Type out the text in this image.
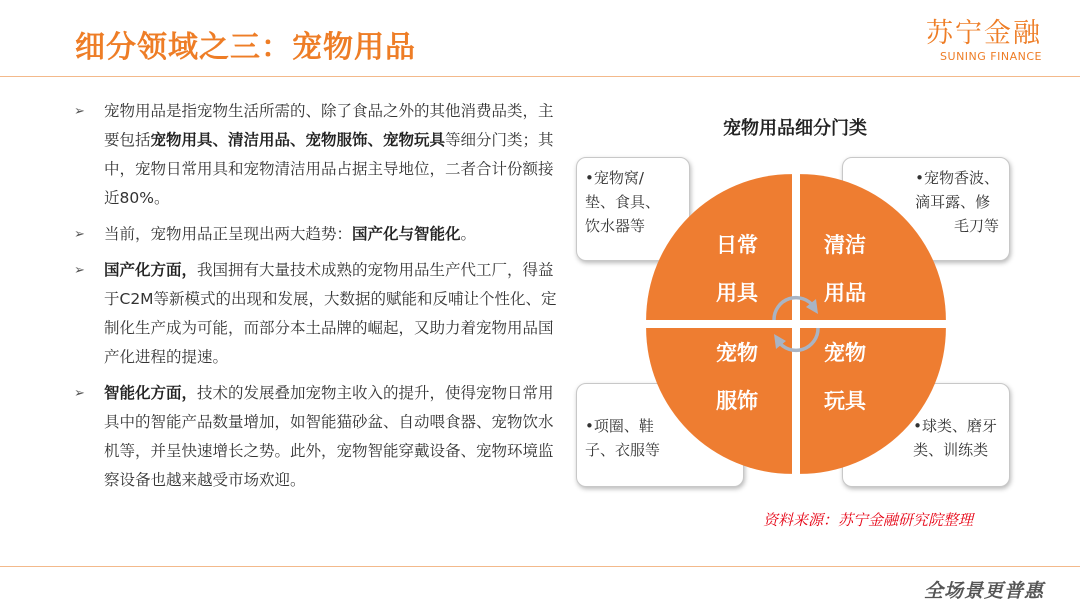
细分领域之三：宠物用品	苏宁金融
SUNING FINANCE
➢ 宠物用品是指宠物生活所需的、除了食品之外的其他消费品类，主要包括宠物用具、清洁用品、宠物服饰、宠物玩具等细分门类；其中，宠物日常用具和宠物清洁用品占据主导地位，二者合计份额接近80%。
➢ 当前，宠物用品正呈现出两大趋势：国产化与智能化。
➢ 国产化方面，我国拥有大量技术成熟的宠物用品生产代工厂，得益于C2M等新模式的出现和发展，大数据的赋能和反哺让个性化、定制化生产成为可能，而部分本土品牌的崛起，又助力着宠物用品国产化进程的提速。
➢ 智能化方面，技术的发展叠加宠物主收入的提升，使得宠物日常用具中的智能产品数量增加，如智能猫砂盆、自动喂食器、宠物饮水机等，并呈快速增长之势。此外，宠物智能穿戴设备、宠物环境监察设备也越来越受市场欢迎。
宠物用品细分门类
•宠物窝/
垫、食具、
饮水器等
•宠物香波、
滴耳露、修
毛刀等
•项圈、鞋
子、衣服等
•球类、磨牙
类、训练类
日常
用具
清洁
用品
宠物
服饰
宠物
玩具
资料来源：苏宁金融研究院整理
全场景更普惠
